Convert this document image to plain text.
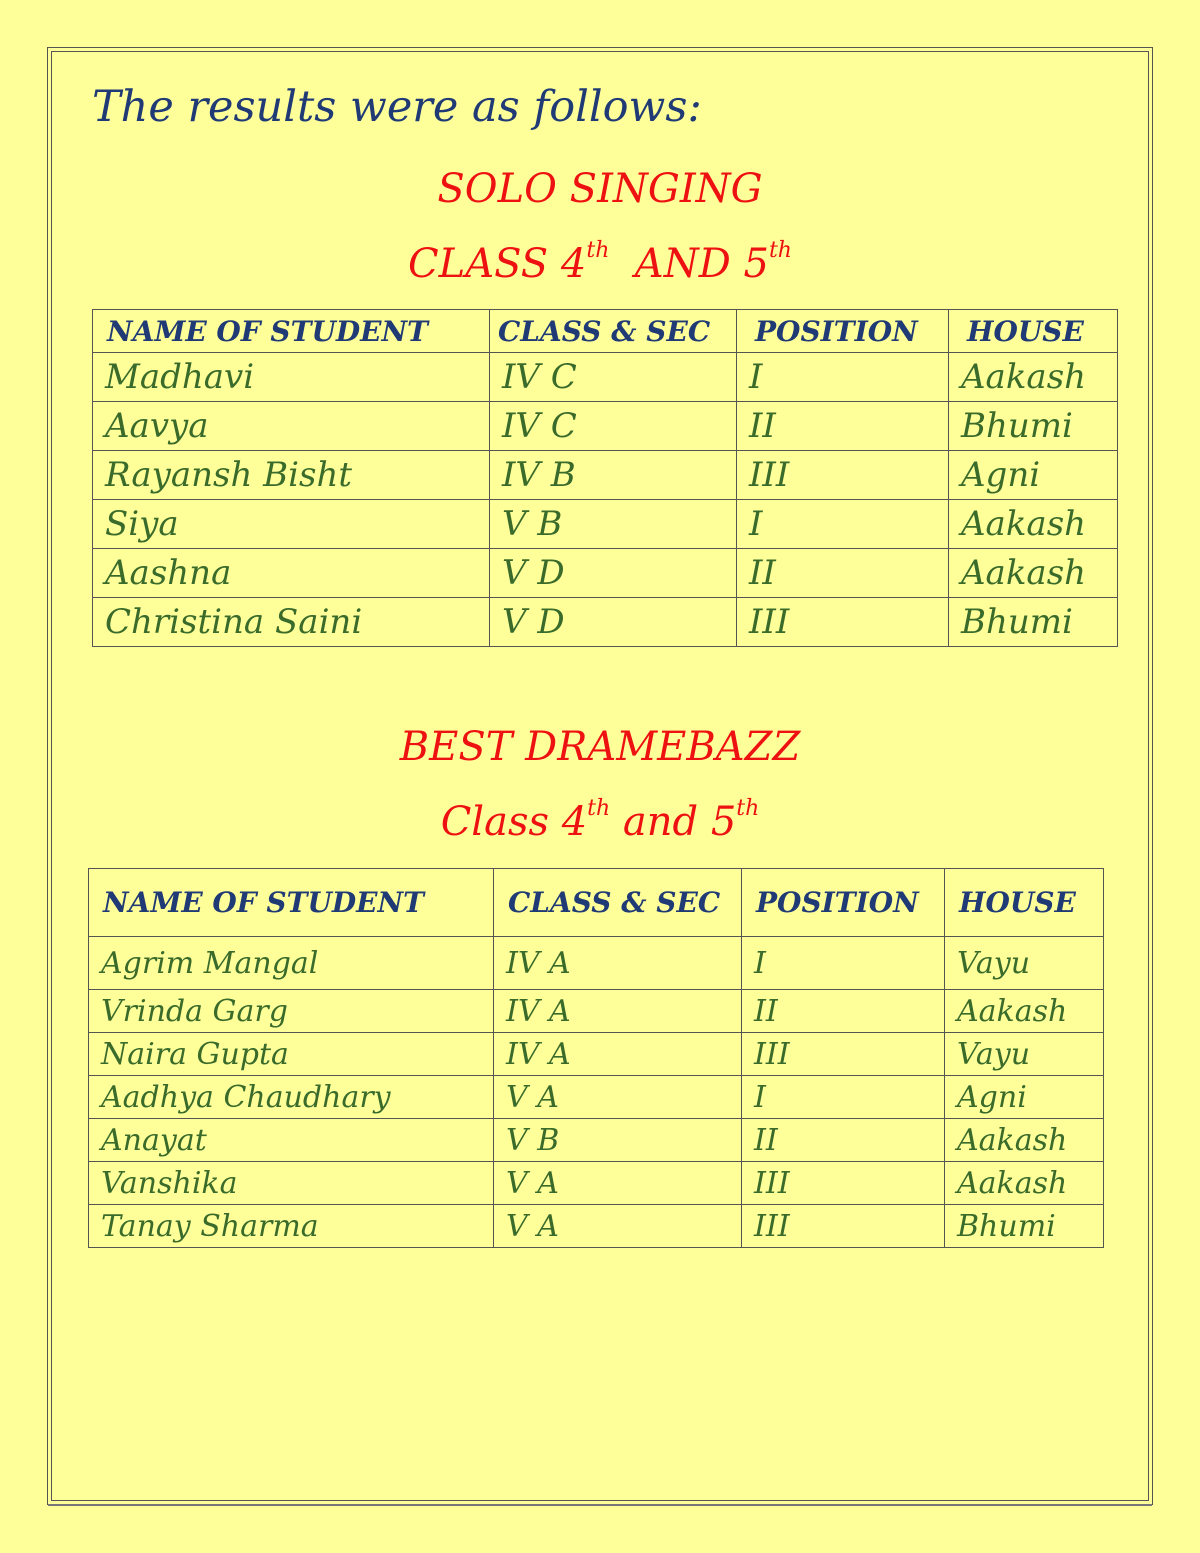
The results were as follows:

SOLO SINGING

CLASS 4th  AND 5th

NAME OF STUDENT	CLASS & SEC	POSITION	HOUSE
Madhavi	IV C	I	Aakash
Aavya	IV C	II	Bhumi
Rayansh Bisht	IV B	III	Agni
Siya	V B	I	Aakash
Aashna	V D	II	Aakash
Christina Saini	V D	III	Bhumi

BEST DRAMEBAZZ

Class 4th and 5th

NAME OF STUDENT	CLASS & SEC	POSITION	HOUSE
Agrim Mangal	IV A	I	Vayu
Vrinda Garg	IV A	II	Aakash
Naira Gupta	IV A	III	Vayu
Aadhya Chaudhary	V A	I	Agni
Anayat	V B	II	Aakash
Vanshika	V A	III	Aakash
Tanay Sharma	V A	III	Bhumi
